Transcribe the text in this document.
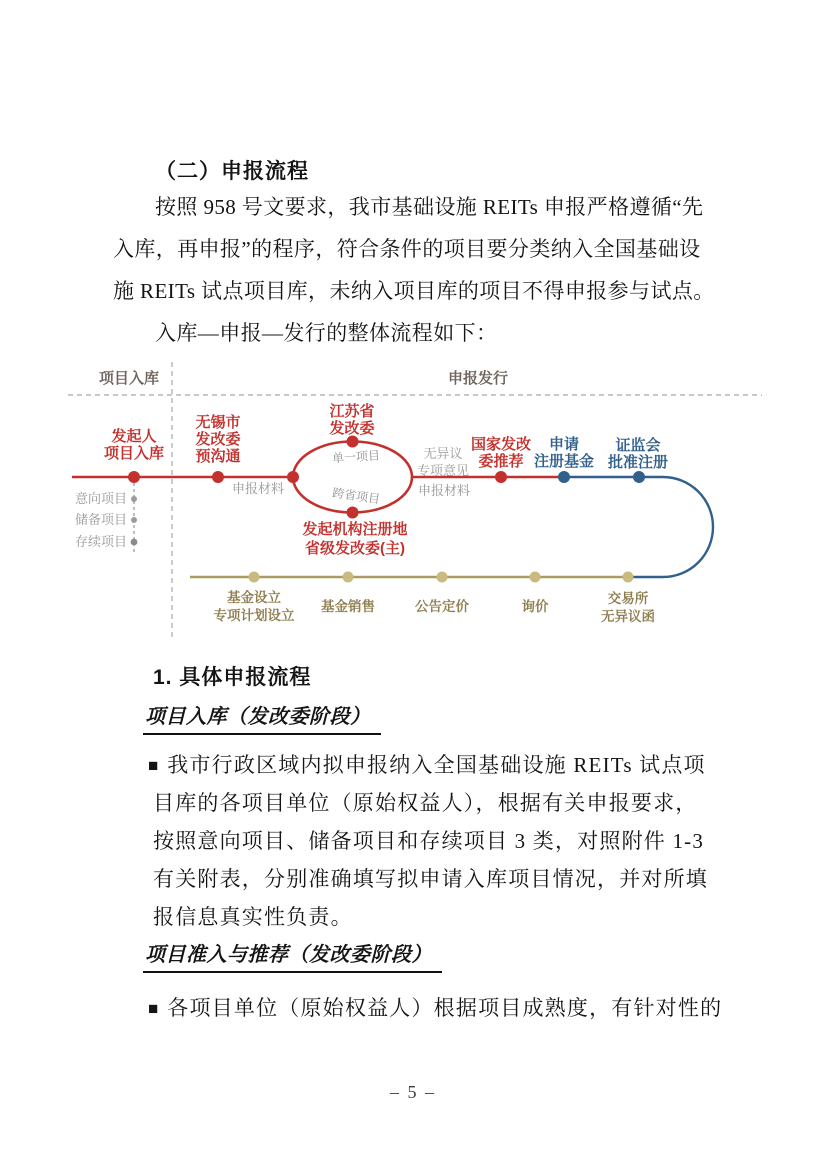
（二）申报流程
按照 958 号文要求，我市基础设施 REITs 申报严格遵循“先
入库，再申报”的程序，符合条件的项目要分类纳入全国基础设
施 REITs 试点项目库，未纳入项目库的项目不得申报参与试点。
入库—申报—发行的整体流程如下：
项目入库	申报发行
意向项目
储备项目
存续项目
发起人
项目入库
无锡市
发改委
预沟通
江苏省
发改委
发起机构注册地
省级发改委(主)
国家发改
委推荐
申请
注册基金
证监会
批准注册
申报材料
单一项目
跨省项目
无异议
专项意见
申报材料
基金设立
专项计划设立
基金销售	公告定价	询价
交易所
无异议函
1. 具体申报流程
项目入库（发改委阶段）
■ 我市行政区域内拟申报纳入全国基础设施 REITs 试点项
目库的各项目单位（原始权益人），根据有关申报要求，
按照意向项目、储备项目和存续项目 3 类，对照附件 1-3
有关附表，分别准确填写拟申请入库项目情况，并对所填
报信息真实性负责。
项目准入与推荐（发改委阶段）
■ 各项目单位（原始权益人）根据项目成熟度，有针对性的
– 5 –
